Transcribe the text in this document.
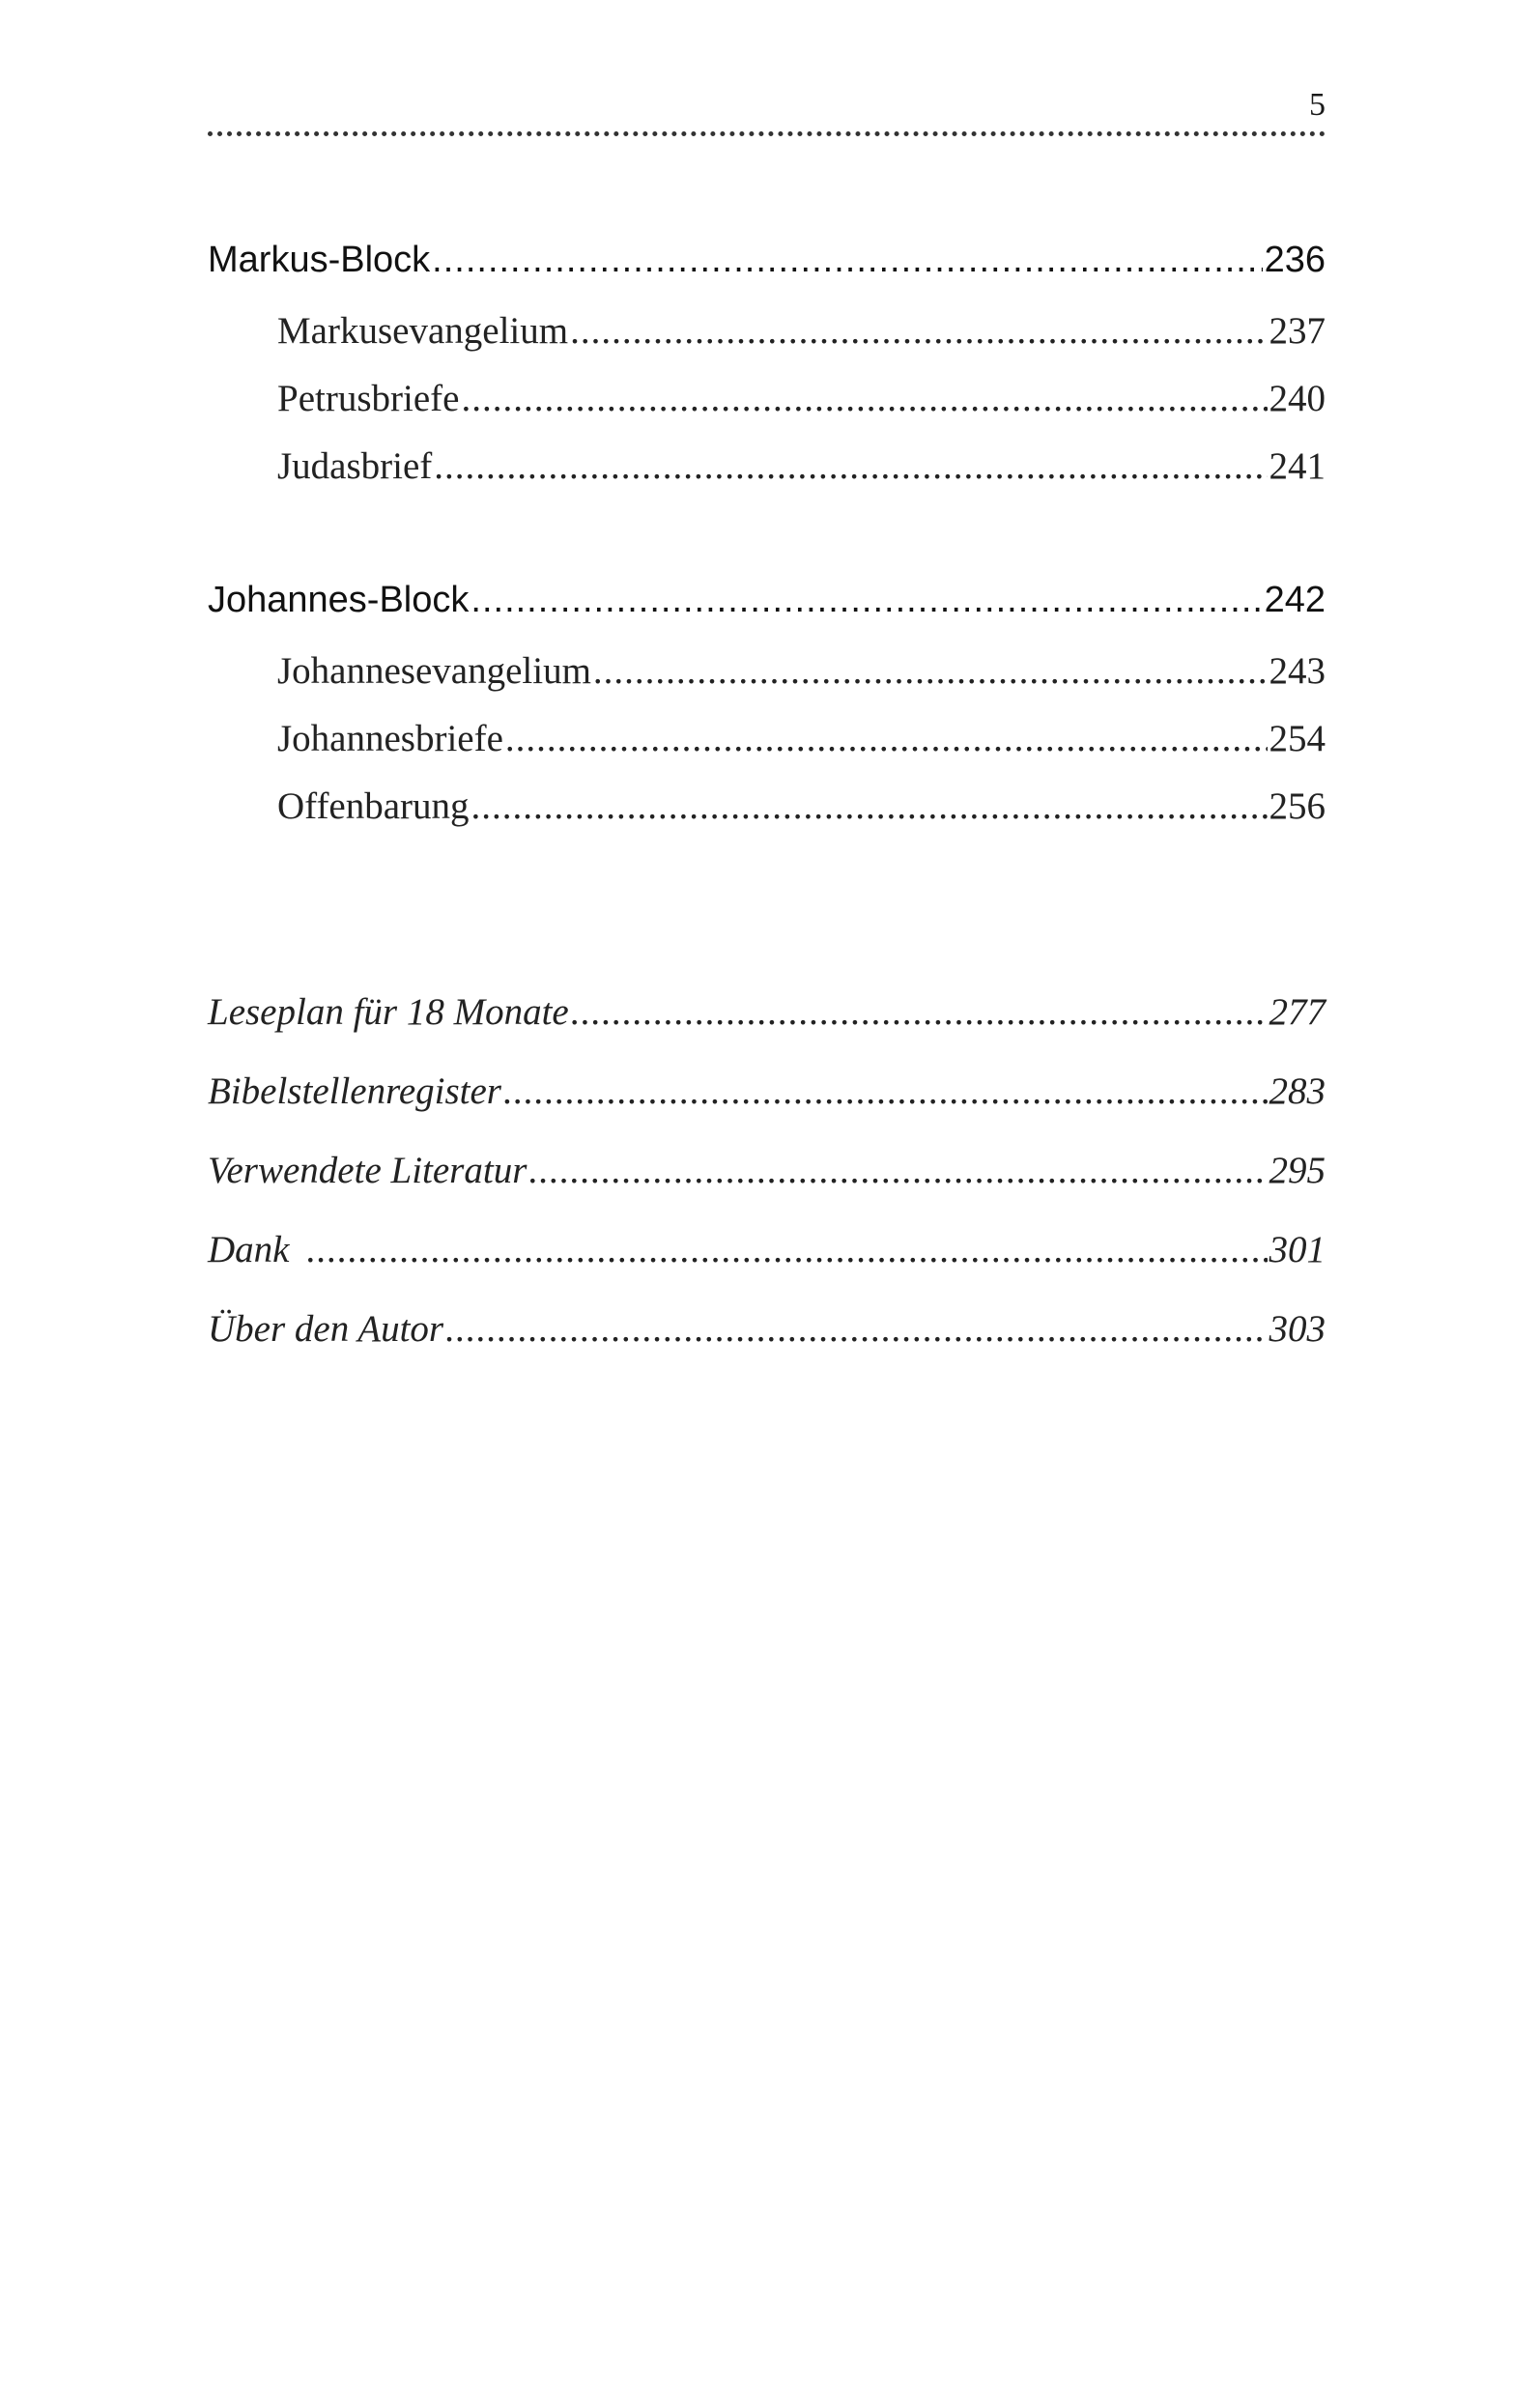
5
Markus-Block .....	236
Markusevangelium .....	237
Petrusbriefe .....	240
Judasbrief .....	241
Johannes-Block .....	242
Johannesevangelium .....	243
Johannesbriefe .....	254
Offenbarung .....	256
Leseplan für 18 Monate .....	277
Bibelstellenregister .....	283
Verwendete Literatur .....	295
Dank .....	301
Über den Autor .....	303
